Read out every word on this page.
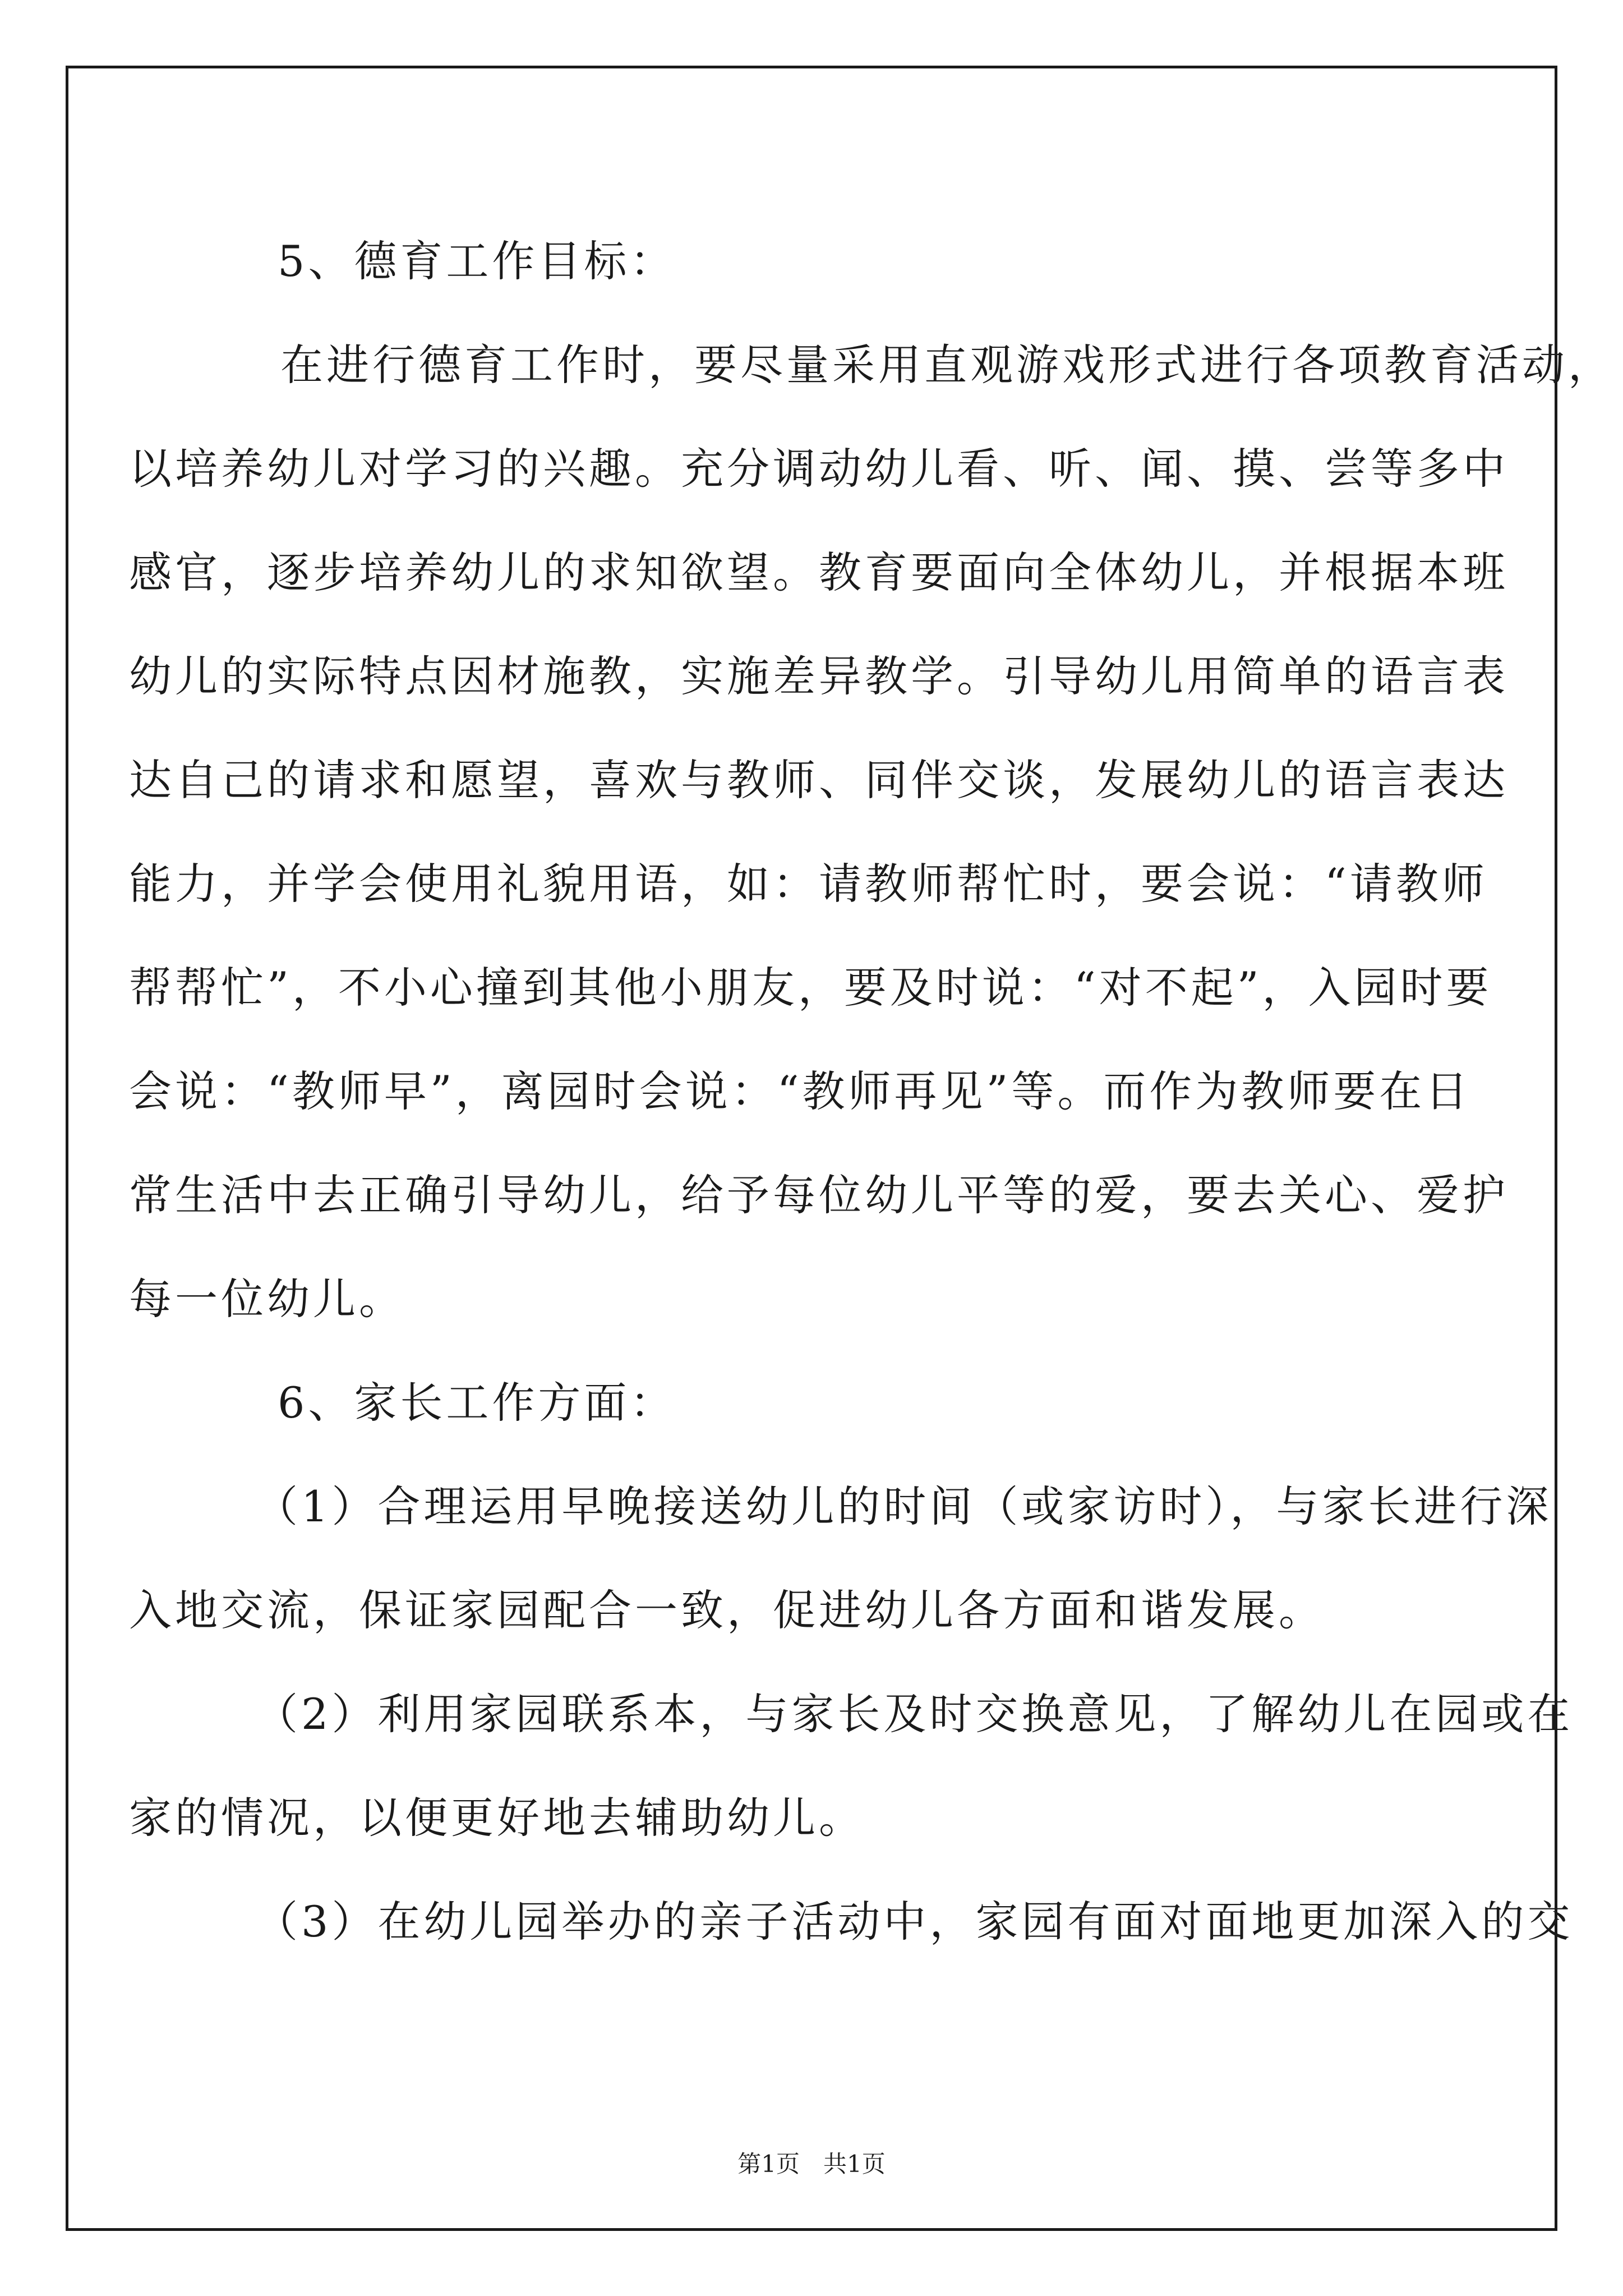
5、德育工作目标：
在进行德育工作时，要尽量采用直观游戏形式进行各项教育活动，
以培养幼儿对学习的兴趣。充分调动幼儿看、听、闻、摸、尝等多中
感官，逐步培养幼儿的求知欲望。教育要面向全体幼儿，并根据本班
幼儿的实际特点因材施教，实施差异教学。引导幼儿用简单的语言表
达自己的请求和愿望，喜欢与教师、同伴交谈，发展幼儿的语言表达
能力，并学会使用礼貌用语，如：请教师帮忙时，要会说：“请教师
帮帮忙”，不小心撞到其他小朋友，要及时说：“对不起”，入园时要
会说：“教师早”，离园时会说：“教师再见”等。而作为教师要在日
常生活中去正确引导幼儿，给予每位幼儿平等的爱，要去关心、爱护
每一位幼儿。
6、家长工作方面：
（1）合理运用早晚接送幼儿的时间（或家访时），与家长进行深
入地交流，保证家园配合一致，促进幼儿各方面和谐发展。
（2）利用家园联系本，与家长及时交换意见，了解幼儿在园或在
家的情况，以便更好地去辅助幼儿。
（3）在幼儿园举办的亲子活动中，家园有面对面地更加深入的交
第1页　共1页
